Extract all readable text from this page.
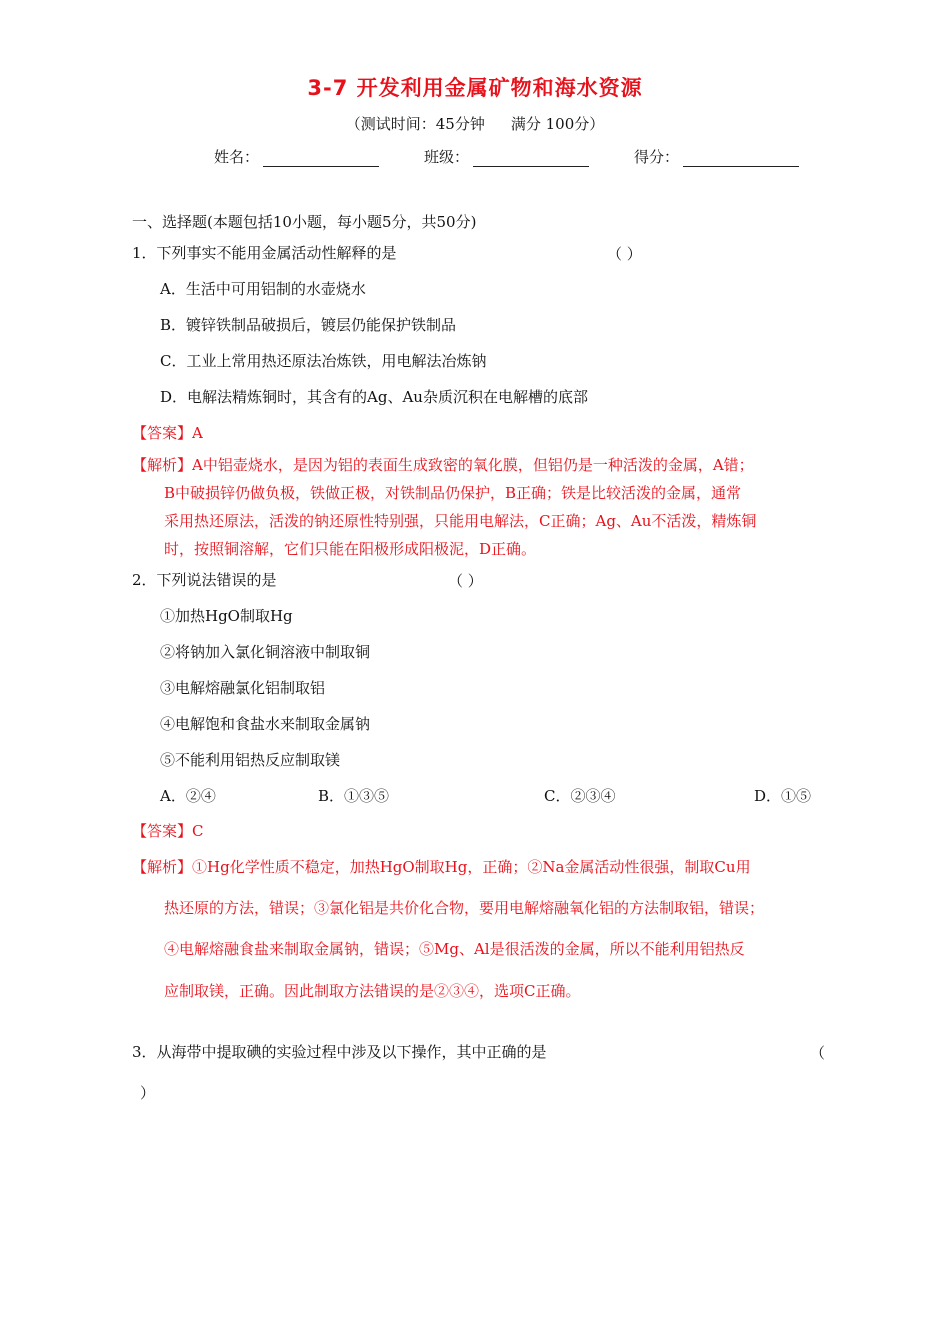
3-7 开发利用金属矿物和海水资源
（测试时间：45分钟 满分 100分）
姓名：	班级：	得分：
一、选择题(本题包括10小题，每小题5分，共50分)
1．下列事实不能用金属活动性解释的是	（ ）
A．生活中可用铝制的水壶烧水
B．镀锌铁制品破损后，镀层仍能保护铁制品
C．工业上常用热还原法冶炼铁，用电解法冶炼钠
D．电解法精炼铜时，其含有的Ag、Au杂质沉积在电解槽的底部
【答案】A
【解析】A中铝壶烧水，是因为铝的表面生成致密的氧化膜，但铝仍是一种活泼的金属，A错；
B中破损锌仍做负极，铁做正极，对铁制品仍保护，B正确；铁是比较活泼的金属，通常
采用热还原法，活泼的钠还原性特别强，只能用电解法，C正确；Ag、Au不活泼，精炼铜
时，按照铜溶解，它们只能在阳极形成阳极泥，D正确。
2．下列说法错误的是	（ ）
①加热HgO制取Hg
②将钠加入氯化铜溶液中制取铜
③电解熔融氯化铝制取铝
④电解饱和食盐水来制取金属钠
⑤不能利用铝热反应制取镁
A．②④	B．①③⑤	C．②③④	D．①⑤
【答案】C
【解析】①Hg化学性质不稳定，加热HgO制取Hg，正确；②Na金属活动性很强，制取Cu用
热还原的方法，错误；③氯化铝是共价化合物，要用电解熔融氧化铝的方法制取铝，错误；
④电解熔融食盐来制取金属钠，错误；⑤Mg、Al是很活泼的金属，所以不能利用铝热反
应制取镁，正确。因此制取方法错误的是②③④，选项C正确。
3．从海带中提取碘的实验过程中涉及以下操作，其中正确的是	（
）
